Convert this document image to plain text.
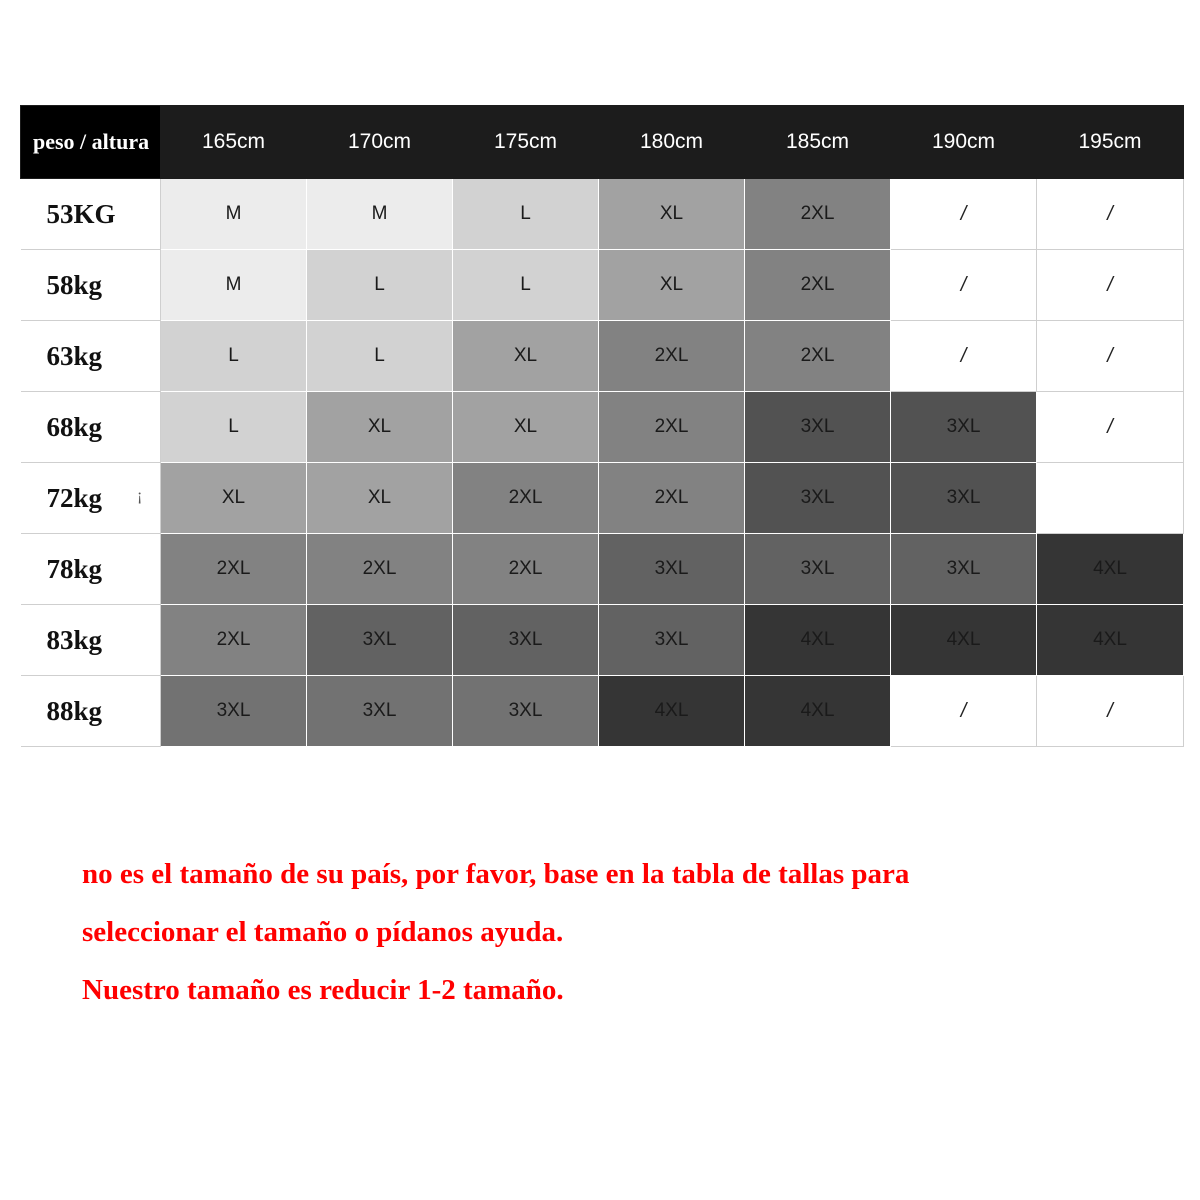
peso / altura	165cm	170cm	175cm	180cm	185cm	190cm	195cm
53KG	M	M	L	XL	2XL	/	/
58kg	M	L	L	XL	2XL	/	/
63kg	L	L	XL	2XL	2XL	/	/
68kg	L	XL	XL	2XL	3XL	3XL	/
72kg	XL	XL	2XL	2XL	3XL	3XL	
78kg	2XL	2XL	2XL	3XL	3XL	3XL	4XL
83kg	2XL	3XL	3XL	3XL	4XL	4XL	4XL
88kg	3XL	3XL	3XL	4XL	4XL	/	/
¡
no es el tamaño de su país, por favor, base en la tabla de tallas para
seleccionar el tamaño o pídanos ayuda.
Nuestro tamaño es reducir 1-2 tamaño.
